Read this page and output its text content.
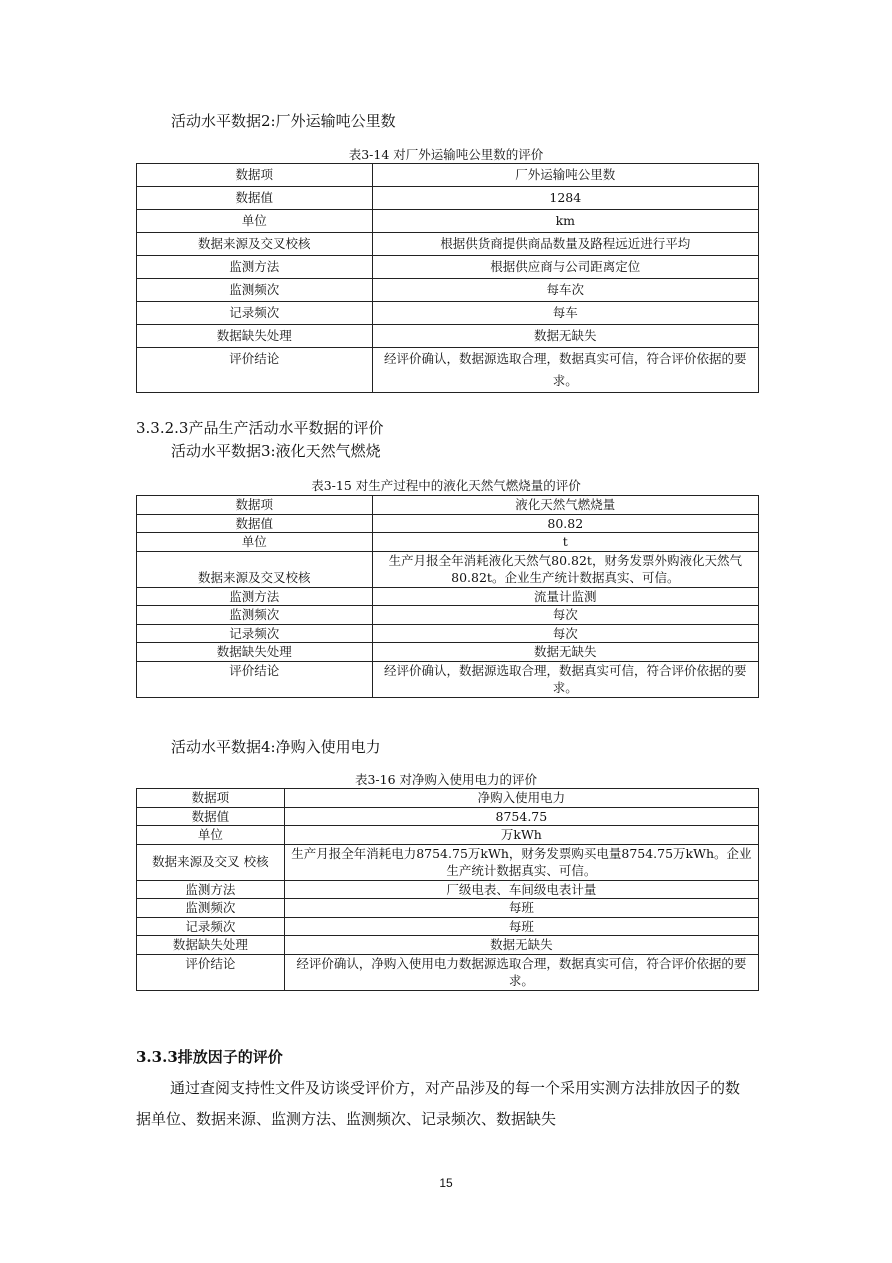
活动水平数据2:厂外运输吨公里数
表3-14 对厂外运输吨公里数的评价
数据项	厂外运输吨公里数
数据值	1284
单位	km
数据来源及交叉校核	根据供货商提供商品数量及路程远近进行平均
监测方法	根据供应商与公司距离定位
监测频次	每车次
记录频次	每车
数据缺失处理	数据无缺失
评价结论	经评价确认，数据源选取合理，数据真实可信，符合评价依据的要求。
3.3.2.3产品生产活动水平数据的评价
活动水平数据3:液化天然气燃烧
表3-15 对生产过程中的液化天然气燃烧量的评价
数据项	液化天然气燃烧量
数据值	80.82
单位	t
数据来源及交叉校核	生产月报全年消耗液化天然气80.82t，财务发票外购液化天然气80.82t。企业生产统计数据真实、可信。
监测方法	流量计监测
监测频次	每次
记录频次	每次
数据缺失处理	数据无缺失
评价结论	经评价确认，数据源选取合理，数据真实可信，符合评价依据的要求。
活动水平数据4:净购入使用电力
表3-16 对净购入使用电力的评价
数据项	净购入使用电力
数据值	8754.75
单位	万kWh
数据来源及交叉 校核	生产月报全年消耗电力8754.75万kWh，财务发票购买电量8754.75万kWh。企业生产统计数据真实、可信。
监测方法	厂级电表、车间级电表计量
监测频次	每班
记录频次	每班
数据缺失处理	数据无缺失
评价结论	经评价确认，净购入使用电力数据源选取合理，数据真实可信，符合评价依据的要求。
3.3.3排放因子的评价
通过查阅支持性文件及访谈受评价方，对产品涉及的每一个采用实测方法排放因子的数据单位、数据来源、监测方法、监测频次、记录频次、数据缺失
15
